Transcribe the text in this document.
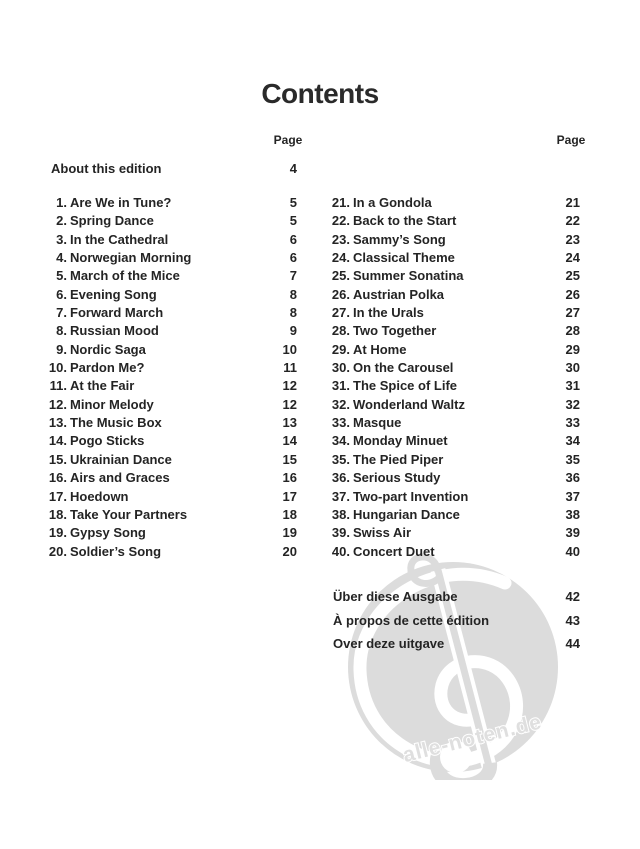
alle-noten.de
Contents
Page	Page
About this edition	4
1. Are We in Tune?	5
2. Spring Dance	5
3. In the Cathedral	6
4. Norwegian Morning	6
5. March of the Mice	7
6. Evening Song	8
7. Forward March	8
8. Russian Mood	9
9. Nordic Saga	10
10. Pardon Me?	11
11. At the Fair	12
12. Minor Melody	12
13. The Music Box	13
14. Pogo Sticks	14
15. Ukrainian Dance	15
16. Airs and Graces	16
17. Hoedown	17
18. Take Your Partners	18
19. Gypsy Song	19
20. Soldier’s Song	20
21. In a Gondola	21
22. Back to the Start	22
23. Sammy’s Song	23
24. Classical Theme	24
25. Summer Sonatina	25
26. Austrian Polka	26
27. In the Urals	27
28. Two Together	28
29. At Home	29
30. On the Carousel	30
31. The Spice of Life	31
32. Wonderland Waltz	32
33. Masque	33
34. Monday Minuet	34
35. The Pied Piper	35
36. Serious Study	36
37. Two-part Invention	37
38. Hungarian Dance	38
39. Swiss Air	39
40. Concert Duet	40
Über diese Ausgabe	42
À propos de cette édition	43
Over deze uitgave	44
